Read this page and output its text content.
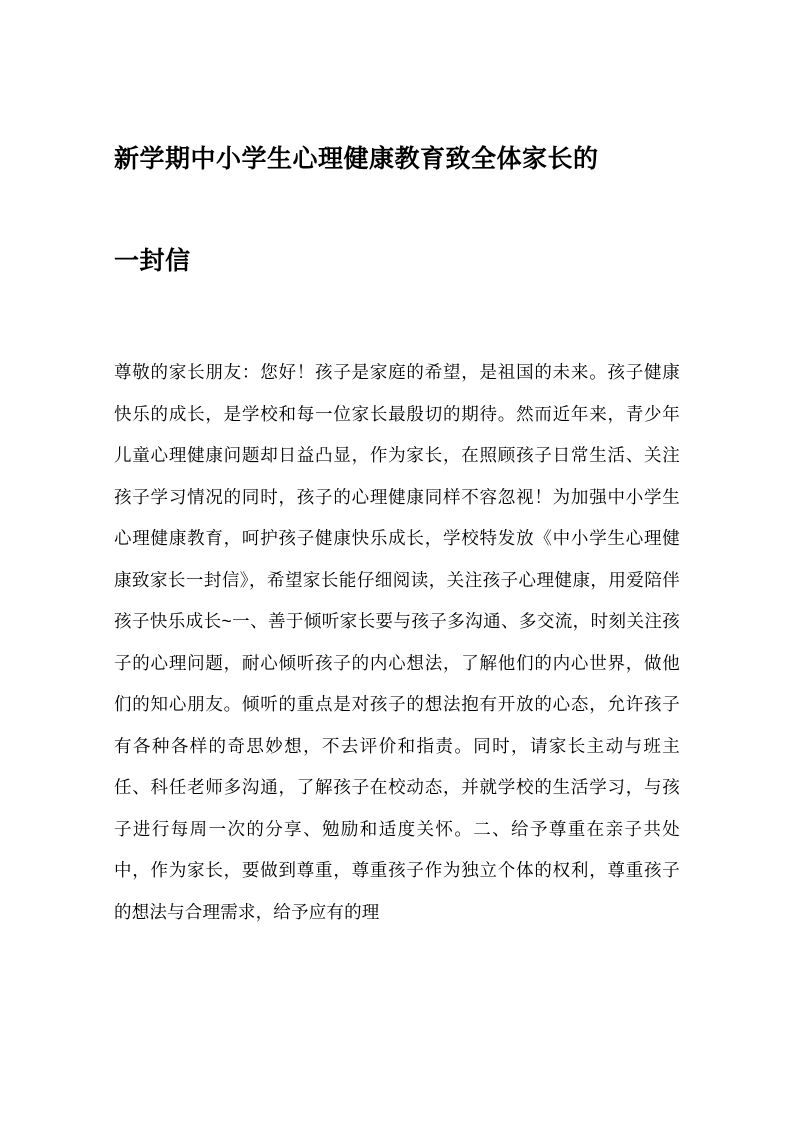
新学期中小学生心理健康教育致全体家长的
一封信

尊敬的家长朋友：您好！孩子是家庭的希望，是祖国的未来。孩子健康快乐的成长，是学校和每一位家长最殷切的期待。然而近年来，青少年儿童心理健康问题却日益凸显，作为家长，在照顾孩子日常生活、关注孩子学习情况的同时，孩子的心理健康同样不容忽视！为加强中小学生心理健康教育，呵护孩子健康快乐成长，学校特发放《中小学生心理健康致家长一封信》，希望家长能仔细阅读，关注孩子心理健康，用爱陪伴孩子快乐成长~一、善于倾听家长要与孩子多沟通、多交流，时刻关注孩子的心理问题，耐心倾听孩子的内心想法，了解他们的内心世界，做他们的知心朋友。倾听的重点是对孩子的想法抱有开放的心态，允许孩子有各种各样的奇思妙想，不去评价和指责。同时，请家长主动与班主任、科任老师多沟通，了解孩子在校动态，并就学校的生活学习，与孩子进行每周一次的分享、勉励和适度关怀。二、给予尊重在亲子共处中，作为家长，要做到尊重，尊重孩子作为独立个体的权利，尊重孩子的想法与合理需求，给予应有的理
